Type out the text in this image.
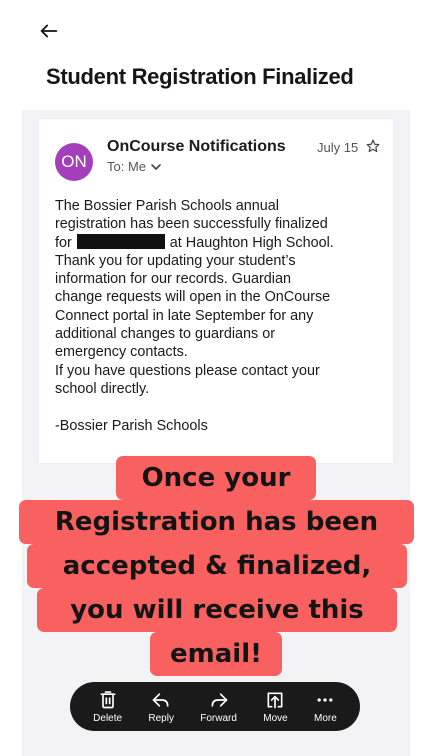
Student Registration Finalized
ON
OnCourse Notifications
To: Me
July 15

The Bossier Parish Schools annual

registration has been successfully finalized

for	at Haughton High School.

Thank you for updating your student’s

information for our records. Guardian

change requests will open in the OnCourse

Connect portal in late September for any

additional changes to guardians or

emergency contacts.

If you have questions please contact your

school directly.

-Bossier Parish Schools

Once your
Registration has been
accepted & finalized,
you will receive this
email!
Delete	Reply	Forward	Move	More
